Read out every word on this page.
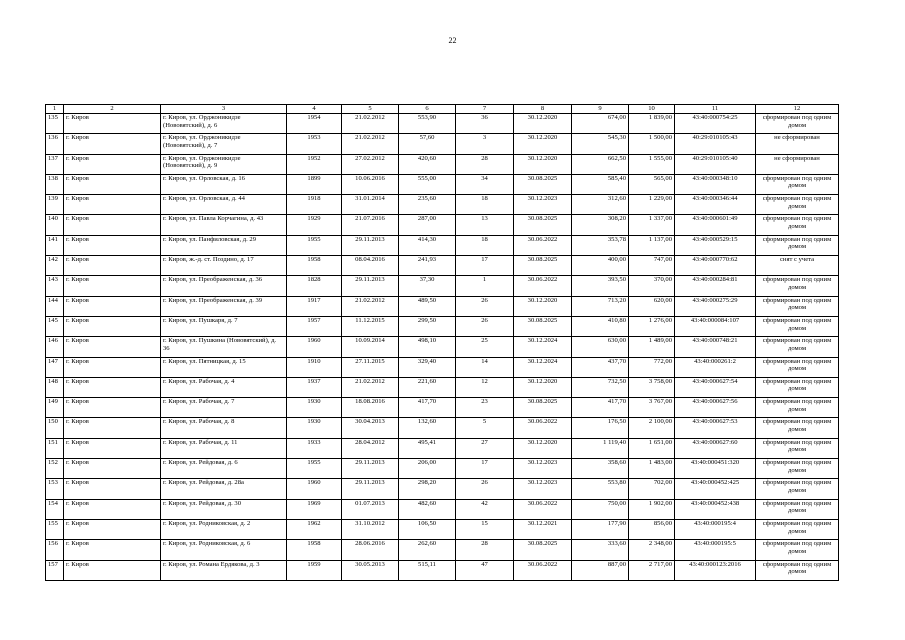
22
1	2	3	4	5	6	7	8	9	10	11	12
135	г. Киров	г. Киров, ул. Орджоникидзе (Нововятский), д. 6	1954	21.02.2012	553,90	36	30.12.2020	674,00	1 839,00	43:40:000754:25	сформирован под одним домом
136	г. Киров	г. Киров, ул. Орджоникидзе (Нововятский), д. 7	1953	21.02.2012	57,60	3	30.12.2020	545,30	1 500,00	40:29:010105:43	не сформирован
137	г. Киров	г. Киров, ул. Орджоникидзе (Нововятский), д. 9	1952	27.02.2012	420,60	28	30.12.2020	662,50	1 555,00	40:29:010105:40	не сформирован
138	г. Киров	г. Киров, ул. Орловская, д. 16	1899	10.06.2016	555,00	34	30.08.2025	585,40	565,00	43:40:000348:10	сформирован под одним домом
139	г. Киров	г. Киров, ул. Орловская, д. 44	1918	31.01.2014	235,60	18	30.12.2023	312,60	1 229,00	43:40:000346:44	сформирован под одним домом
140	г. Киров	г. Киров, ул. Павла Корчагина, д. 43	1929	21.07.2016	287,00	13	30.08.2025	308,20	1 337,00	43:40:000601:49	сформирован под одним домом
141	г. Киров	г. Киров, ул. Панфиловская, д. 29	1955	29.11.2013	414,30	18	30.06.2022	353,78	1 137,00	43:40:000529:15	сформирован под одним домом
142	г. Киров	г. Киров, ж.-д. ст. Поздино, д. 17	1958	08.04.2016	241,93	17	30.08.2025	400,00	747,00	43:40:000770:62	снят с учета
143	г. Киров	г. Киров, ул. Преображенская, д. 36	1828	29.11.2013	37,30	1	30.06.2022	393,50	370,00	43:40:000284:81	сформирован под одним домом
144	г. Киров	г. Киров, ул. Преображенская, д. 39	1917	21.02.2012	489,50	26	30.12.2020	713,20	620,00	43:40:000275:29	сформирован под одним домом
145	г. Киров	г. Киров, ул. Пушкаря, д. 7	1957	11.12.2015	299,50	26	30.08.2025	410,80	1 276,00	43:40:000084:107	сформирован под одним домом
146	г. Киров	г. Киров, ул. Пушкина (Нововятский), д. 36	1960	10.09.2014	498,10	25	30.12.2024	630,00	1 489,00	43:40:000748:21	сформирован под одним домом
147	г. Киров	г. Киров, ул. Пятницкая, д. 15	1910	27.11.2015	329,40	14	30.12.2024	437,70	772,00	43:40:000261:2	сформирован под одним домом
148	г. Киров	г. Киров, ул. Рабочая, д. 4	1937	21.02.2012	221,60	12	30.12.2020	732,50	3 758,00	43:40:000627:54	сформирован под одним домом
149	г. Киров	г. Киров, ул. Рабочая, д. 7	1930	18.08.2016	417,70	23	30.08.2025	417,70	3 767,00	43:40:000627:56	сформирован под одним домом
150	г. Киров	г. Киров, ул. Рабочая, д. 8	1930	30.04.2013	132,60	5	30.06.2022	176,50	2 100,00	43:40:000627:53	сформирован под одним домом
151	г. Киров	г. Киров, ул. Рабочая, д. 11	1933	28.04.2012	495,41	27	30.12.2020	1 119,40	1 651,00	43:40:000627:60	сформирован под одним домом
152	г. Киров	г. Киров, ул. Рейдовая, д. 6	1955	29.11.2013	206,00	17	30.12.2023	358,60	1 483,00	43:40:000451:320	сформирован под одним домом
153	г. Киров	г. Киров, ул. Рейдовая, д. 28а	1960	29.11.2013	298,20	26	30.12.2023	553,80	702,00	43:40:000452:425	сформирован под одним домом
154	г. Киров	г. Киров, ул. Рейдовая, д. 30	1969	01.07.2013	482,60	42	30.06.2022	750,00	1 902,00	43:40:000452:438	сформирован под одним домом
155	г. Киров	г. Киров, ул. Родниковская, д. 2	1962	31.10.2012	106,50	15	30.12.2021	177,90	856,00	43:40:000195:4	сформирован под одним домом
156	г. Киров	г. Киров, ул. Родниковская, д. 6	1958	28.06.2016	262,60	28	30.08.2025	333,60	2 348,00	43:40:000195:5	сформирован под одним домом
157	г. Киров	г. Киров, ул. Романа Ердякова, д. 3	1959	30.05.2013	515,11	47	30.06.2022	887,00	2 717,00	43:40:000123:2016	сформирован под одним домом
